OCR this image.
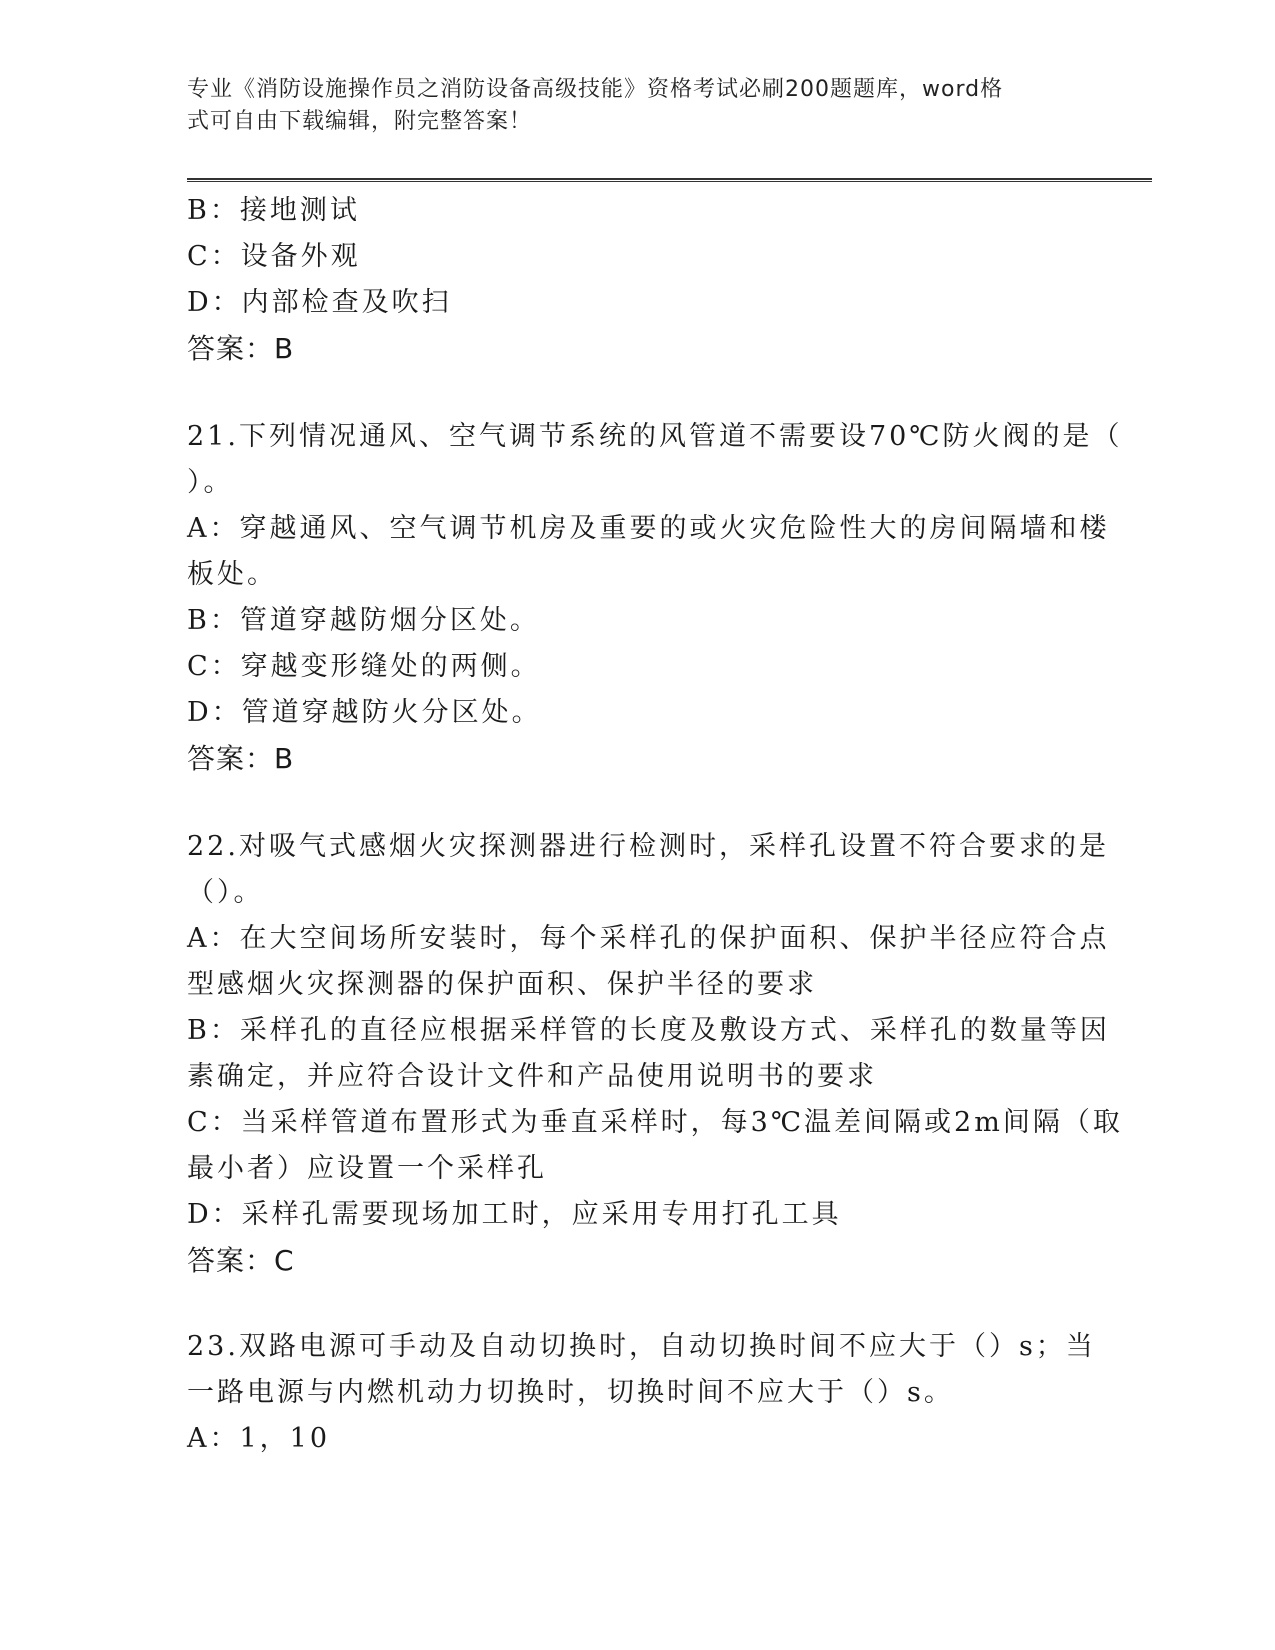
专业《消防设施操作员之消防设备高级技能》资格考试必刷200题题库，word格
式可自由下载编辑，附完整答案！
B：接地测试
C：设备外观
D：内部检查及吹扫
答案：B
21.下列情况通风、空气调节系统的风管道不需要设70℃防火阀的是（
）。
A：穿越通风、空气调节机房及重要的或火灾危险性大的房间隔墙和楼
板处。
B：管道穿越防烟分区处。
C：穿越变形缝处的两侧。
D：管道穿越防火分区处。
答案：B
22.对吸气式感烟火灾探测器进行检测时，采样孔设置不符合要求的是
（）。
A：在大空间场所安装时，每个采样孔的保护面积、保护半径应符合点
型感烟火灾探测器的保护面积、保护半径的要求
B：采样孔的直径应根据采样管的长度及敷设方式、采样孔的数量等因
素确定，并应符合设计文件和产品使用说明书的要求
C：当采样管道布置形式为垂直采样时，每3℃温差间隔或2m间隔（取
最小者）应设置一个采样孔
D：采样孔需要现场加工时，应采用专用打孔工具
答案：C
23.双路电源可手动及自动切换时，自动切换时间不应大于（）s；当
一路电源与内燃机动力切换时，切换时间不应大于（）s。
A：1，10
